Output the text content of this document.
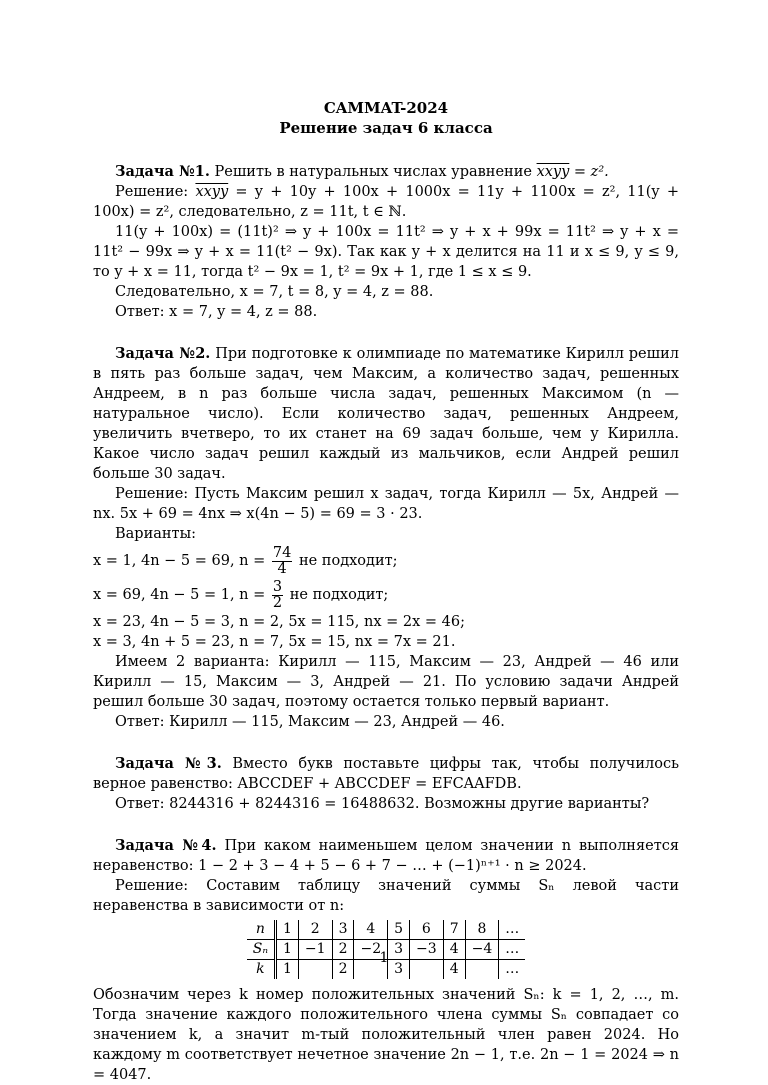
CAMMAT-2024
Решение задач 6 класса

Задача №1. Решить в натуральных числах уравнение xxyy = z².

Решение: xxyy = y + 10y + 100x + 1000x = 11y + 1100x = z², 11(y + 100x) = z², следовательно, z = 11t, t ∈ ℕ.

11(y + 100x) = (11t)² ⇒ y + 100x = 11t² ⇒ y + x + 99x = 11t² ⇒ y + x = 11t² − 99x ⇒ y + x = 11(t² − 9x). Так как y + x делится на 11 и x ≤ 9, y ≤ 9, то y + x = 11, тогда t² − 9x = 1, t² = 9x + 1, где 1 ≤ x ≤ 9.

Следовательно, x = 7, t = 8, y = 4, z = 88.

Ответ: x = 7, y = 4, z = 88.

Задача №2. При подготовке к олимпиаде по математике Кирилл решил в пять раз больше задач, чем Максим, а количество задач, решенных Андреем, в n раз больше числа задач, решенных Максимом (n — натуральное число). Если количество задач, решенных Андреем, увеличить вчетверо, то их станет на 69 задач больше, чем у Кирилла. Какое число задач решил каждый из мальчиков, если Андрей решил больше 30 задач.

Решение: Пусть Максим решил x задач, тогда Кирилл — 5x, Андрей — nx. 5x + 69 = 4nx ⇒ x(4n − 5) = 69 = 3 · 23.

Варианты:

x = 1, 4n − 5 = 69, $n = \frac{74}{4}$ не подходит;

x = 69, 4n − 5 = 1, $n = \frac{3}{2}$ не подходит;

x = 23, 4n − 5 = 3, n = 2, 5x = 115, nx = 2x = 46;

x = 3, 4n + 5 = 23, n = 7, 5x = 15, nx = 7x = 21.

Имеем 2 варианта: Кирилл — 115, Максим — 23, Андрей — 46 или Кирилл — 15, Максим — 3, Андрей — 21. По условию задачи Андрей решил больше 30 задач, поэтому остается только первый вариант.

Ответ: Кирилл — 115, Максим — 23, Андрей — 46.

Задача №3. Вместо букв поставьте цифры так, чтобы получилось верное равенство: ABCCDEF + ABCCDEF = EFCAAFDB.

Ответ: 8244316 + 8244316 = 16488632. Возможны другие варианты?

Задача №4. При каком наименьшем целом значении n выполняется неравенство: 1 − 2 + 3 − 4 + 5 − 6 + 7 − … + (−1)ⁿ⁺¹ · n ≥ 2024.

Решение: Составим таблицу значений суммы Sₙ левой части неравенства в зависимости от n:

n	1	2	3	4	5	6	7	8	…
Sₙ	1	−1	2	−2	3	−3	4	−4	…
k	1		2		3		4		…

Обозначим через k номер положительных значений Sₙ: k = 1, 2, …, m. Тогда значение каждого положительного члена суммы Sₙ совпадает со значением k, а значит m-тый положительный член равен 2024. Но каждому m соответствует нечетное значение 2n − 1, т.е. 2n − 1 = 2024 ⇒ n = 4047.

1
